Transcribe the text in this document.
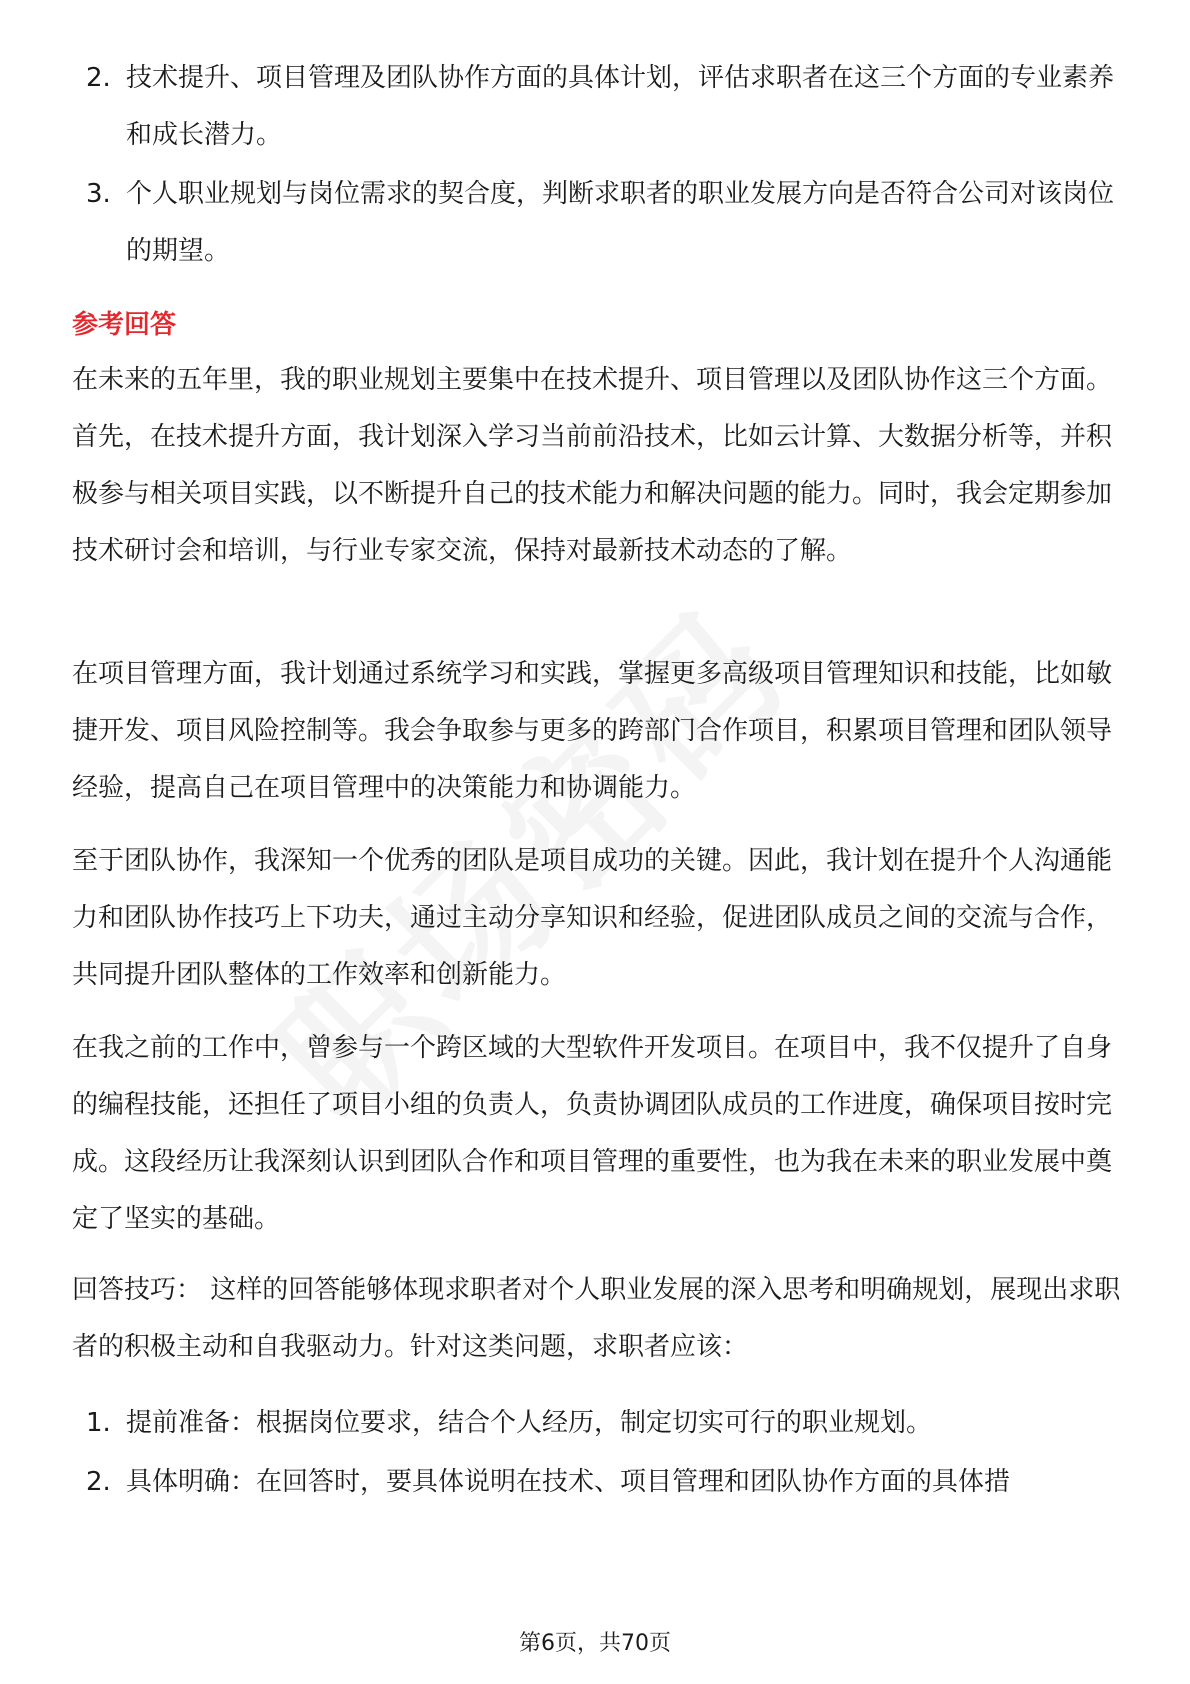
2. 技术提升、项目管理及团队协作方面的具体计划，评估求职者在这三个方面的专业素养和成长潜力。
3. 个人职业规划与岗位需求的契合度，判断求职者的职业发展方向是否符合公司对该岗位的期望。
参考回答

在未来的五年里，我的职业规划主要集中在技术提升、项目管理以及团队协作这三个方面。首先，在技术提升方面，我计划深入学习当前前沿技术，比如云计算、大数据分析等，并积极参与相关项目实践，以不断提升自己的技术能力和解决问题的能力。同时，我会定期参加技术研讨会和培训，与行业专家交流，保持对最新技术动态的了解。

在项目管理方面，我计划通过系统学习和实践，掌握更多高级项目管理知识和技能，比如敏捷开发、项目风险控制等。我会争取参与更多的跨部门合作项目，积累项目管理和团队领导经验，提高自己在项目管理中的决策能力和协调能力。

至于团队协作，我深知一个优秀的团队是项目成功的关键。因此，我计划在提升个人沟通能力和团队协作技巧上下功夫，通过主动分享知识和经验，促进团队成员之间的交流与合作，共同提升团队整体的工作效率和创新能力。

在我之前的工作中，曾参与一个跨区域的大型软件开发项目。在项目中，我不仅提升了自身的编程技能，还担任了项目小组的负责人，负责协调团队成员的工作进度，确保项目按时完成。这段经历让我深刻认识到团队合作和项目管理的重要性，也为我在未来的职业发展中奠定了坚实的基础。

回答技巧： 这样的回答能够体现求职者对个人职业发展的深入思考和明确规划，展现出求职者的积极主动和自我驱动力。针对这类问题，求职者应该：

1. 提前准备：根据岗位要求，结合个人经历，制定切实可行的职业规划。
2. 具体明确：在回答时，要具体说明在技术、项目管理和团队协作方面的具体措
第6页，共70页
